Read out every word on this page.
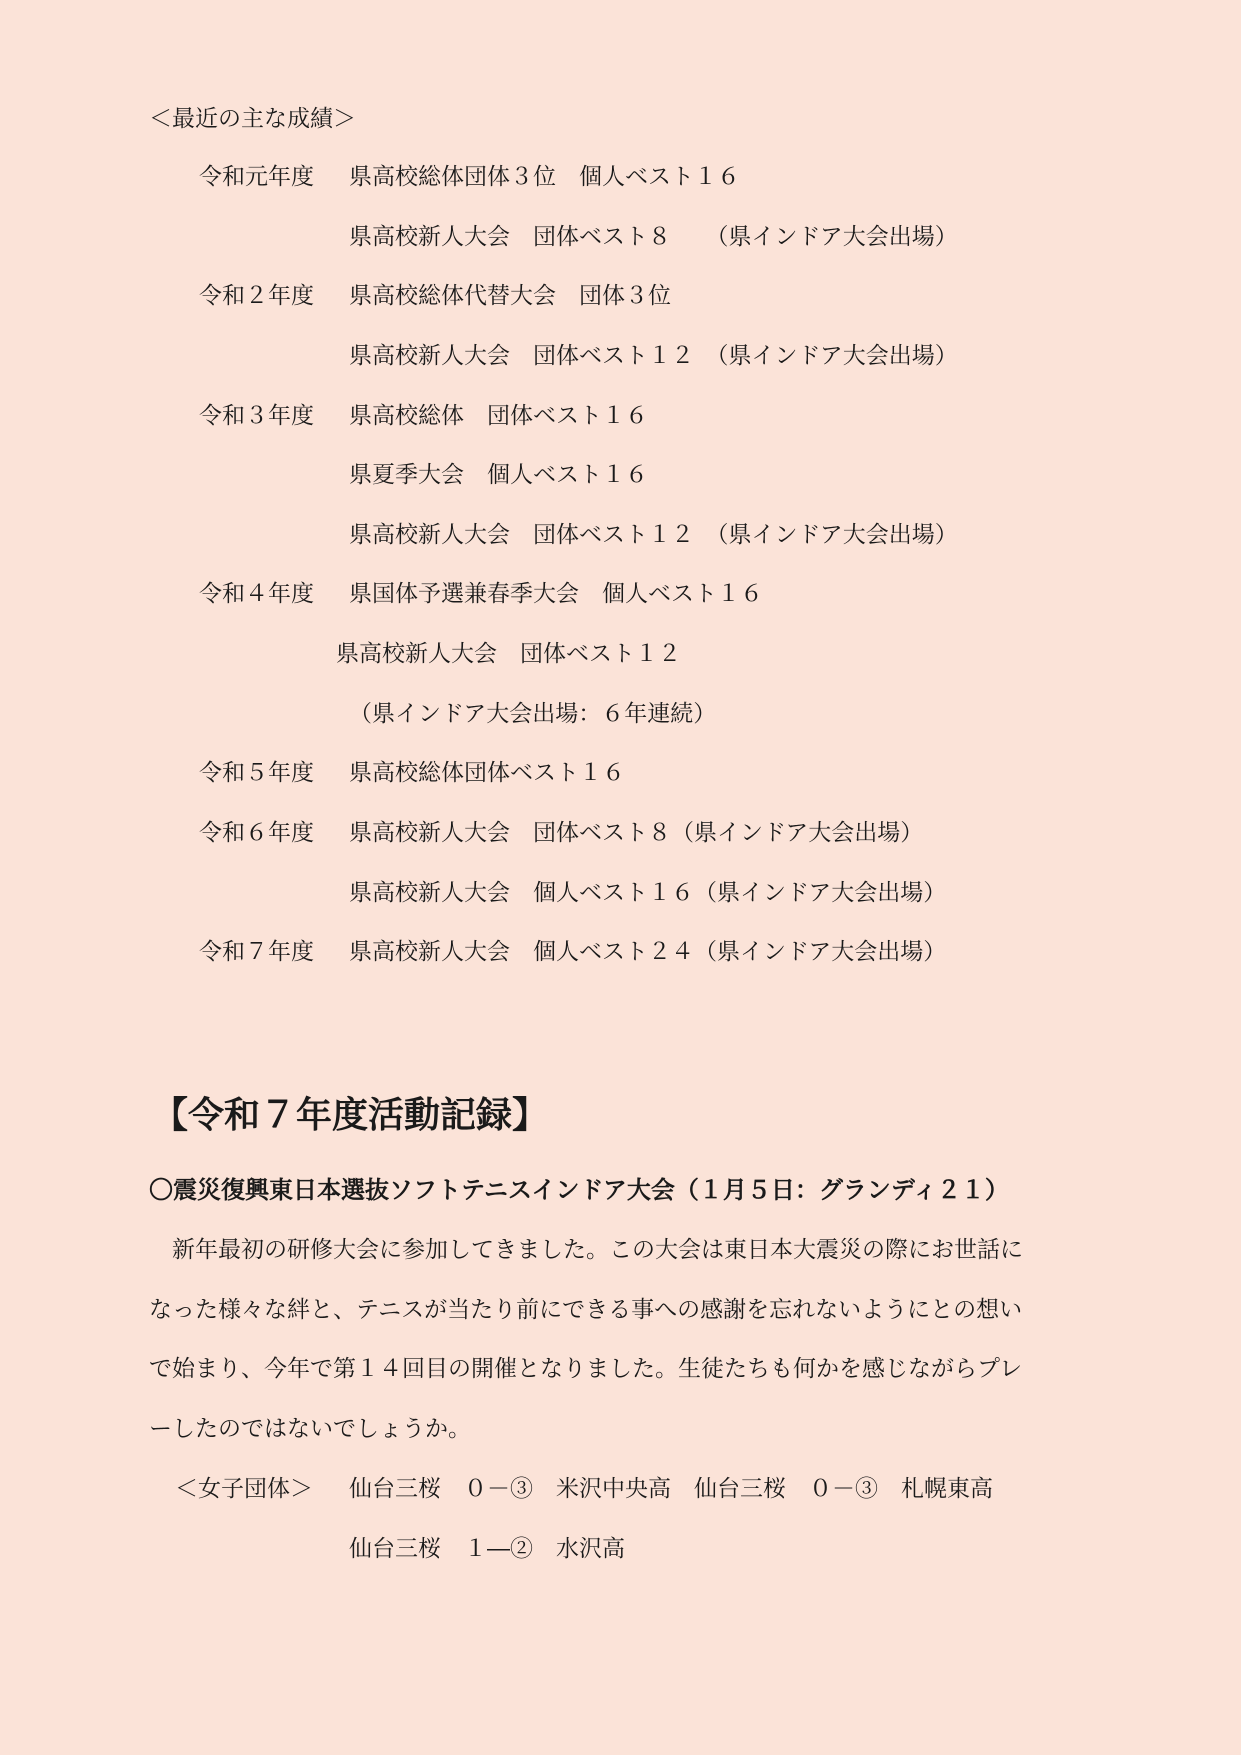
＜最近の主な成績＞
令和元年度 県高校総体団体３位　個人ベスト１６
県高校新人大会　団体ベスト８　　（県インドア大会出場）
令和２年度 県高校総体代替大会　団体３位
県高校新人大会　団体ベスト１２　（県インドア大会出場）
令和３年度 県高校総体　団体ベスト１６
県夏季大会　個人ベスト１６
県高校新人大会　団体ベスト１２　（県インドア大会出場）
令和４年度 県国体予選兼春季大会　個人ベスト１６
県高校新人大会　団体ベスト１２
（県インドア大会出場：６年連続）
令和５年度 県高校総体団体ベスト１６
令和６年度 県高校新人大会　団体ベスト８（県インドア大会出場）
県高校新人大会　個人ベスト１６（県インドア大会出場）
令和７年度 県高校新人大会　個人ベスト２４（県インドア大会出場）
【令和７年度活動記録】
〇震災復興東日本選抜ソフトテニスインドア大会（１月５日：グランディ２１）
　新年最初の研修大会に参加してきました。この大会は東日本大震災の際にお世話に
なった様々な絆と、テニスが当たり前にできる事への感謝を忘れないようにとの想い
で始まり、今年で第１４回目の開催となりました。生徒たちも何かを感じながらプレ
ーしたのではないでしょうか。
＜女子団体＞ 仙台三桜　０－③　米沢中央高　仙台三桜　０－③　札幌東高
仙台三桜　１―②　水沢高
